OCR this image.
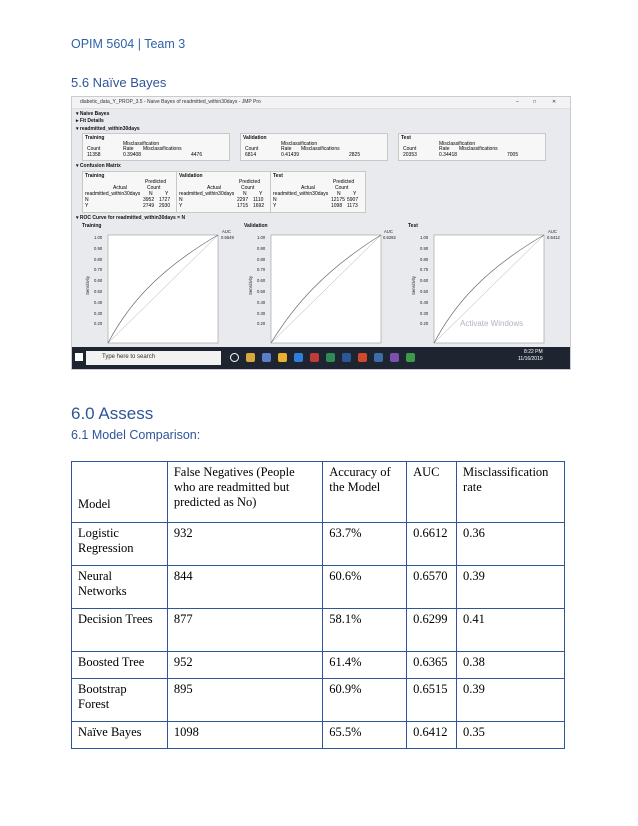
OPIM 5604 | Team 3
5.6 Naïve Bayes
diabetic_data_Y_PROP_3.5 - Naive Bayes of readmitted_within30days - JMP Pro	–	□	✕
▾ Naive Bayes
▸ Fit Details
▾ readmitted_within30days
Training
Misclassification
Count	Rate Misclassifications
11358	0.39408	4476
Validation
Misclassification
Count	Rate Misclassifications
6814	0.41439	2825
Test
Misclassification
Count	Rate Misclassifications
20353	0.34418	7005
▾ Confusion Matrix
Training
Predicted
Actual	Count
readmitted_within30days N Y
N	3952 1727
Y	2749 2930
Validation
Predicted
Actual	Count
readmitted_within30days N Y
N	2297 1110
Y	1715 1692
Test
Predicted
Actual	Count
readmitted_within30days N Y
N	12175 5907
Y	1098 1173
▾ ROC Curve for readmitted_within30days = N
Training	Validation	Test
1.00
0.90
0.80
0.70
0.60
0.50
0.40
0.30
0.20
Sensitivity
AUC
0.6549	1.00
0.90
0.80
0.70
0.60
0.50
0.40
0.30
0.20
Sensitivity
AUC
0.6292	1.00
0.90
0.80
0.70
0.60
0.50
0.40
0.30
0.20
Sensitivity
AUC
0.6412
Activate Windows
Type here to search
8:22 PM
11/16/2019
6.0 Assess
6.1 Model Comparison:
Model	False Negatives (People who are readmitted but predicted as No)	Accuracy of the Model	AUC	Misclassification rate
Logistic Regression	932	63.7%	0.6612	0.36
Neural Networks	844	60.6%	0.6570	0.39
Decision Trees	877	58.1%	0.6299	0.41
Boosted Tree	952	61.4%	0.6365	0.38
Bootstrap Forest	895	60.9%	0.6515	0.39
Naïve Bayes	1098	65.5%	0.6412	0.35
